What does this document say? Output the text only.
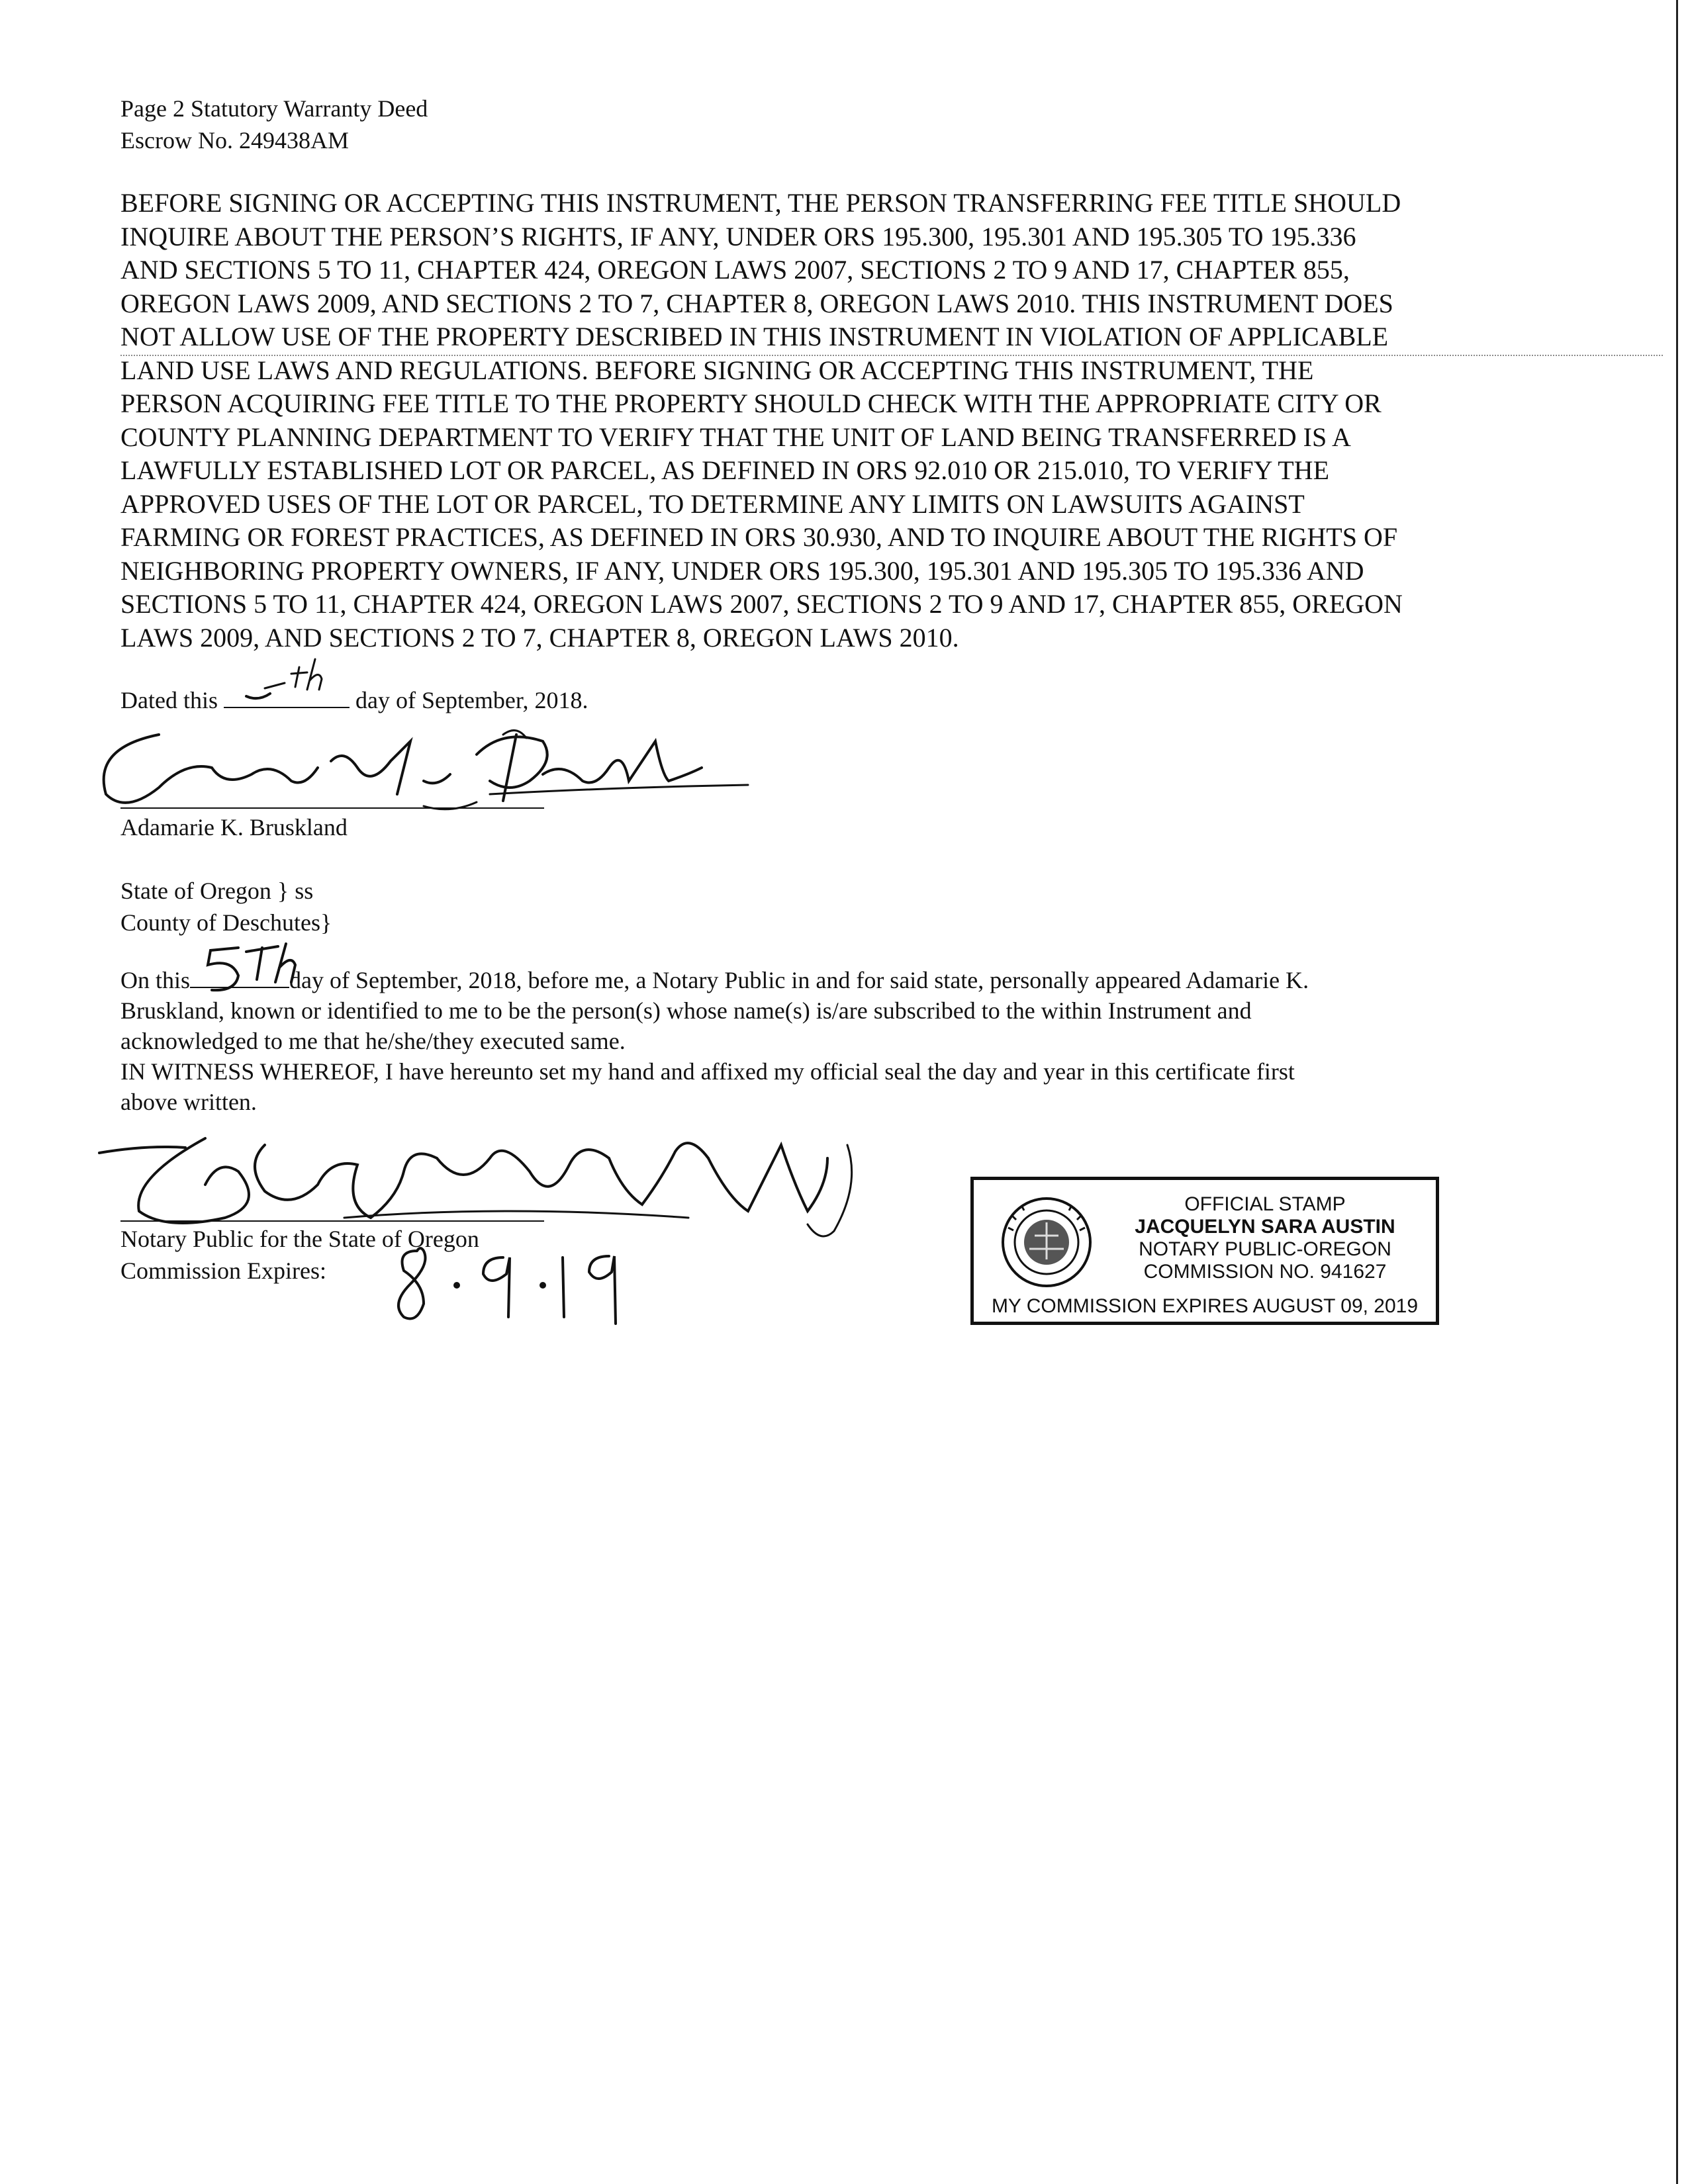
Page 2 Statutory Warranty Deed
Escrow No. 249438AM
BEFORE SIGNING OR ACCEPTING THIS INSTRUMENT, THE PERSON TRANSFERRING FEE TITLE SHOULD
INQUIRE ABOUT THE PERSON’S RIGHTS, IF ANY, UNDER ORS 195.300, 195.301 AND 195.305 TO 195.336
AND SECTIONS 5 TO 11, CHAPTER 424, OREGON LAWS 2007, SECTIONS 2 TO 9 AND 17, CHAPTER 855,
OREGON LAWS 2009, AND SECTIONS 2 TO 7, CHAPTER 8, OREGON LAWS 2010. THIS INSTRUMENT DOES
NOT ALLOW USE OF THE PROPERTY DESCRIBED IN THIS INSTRUMENT IN VIOLATION OF APPLICABLE
LAND USE LAWS AND REGULATIONS. BEFORE SIGNING OR ACCEPTING THIS INSTRUMENT, THE
PERSON ACQUIRING FEE TITLE TO THE PROPERTY SHOULD CHECK WITH THE APPROPRIATE CITY OR
COUNTY PLANNING DEPARTMENT TO VERIFY THAT THE UNIT OF LAND BEING TRANSFERRED IS A
LAWFULLY ESTABLISHED LOT OR PARCEL, AS DEFINED IN ORS 92.010 OR 215.010, TO VERIFY THE
APPROVED USES OF THE LOT OR PARCEL, TO DETERMINE ANY LIMITS ON LAWSUITS AGAINST
FARMING OR FOREST PRACTICES, AS DEFINED IN ORS 30.930, AND TO INQUIRE ABOUT THE RIGHTS OF
NEIGHBORING PROPERTY OWNERS, IF ANY, UNDER ORS 195.300, 195.301 AND 195.305 TO 195.336 AND
SECTIONS 5 TO 11, CHAPTER 424, OREGON LAWS 2007, SECTIONS 2 TO 9 AND 17, CHAPTER 855, OREGON
LAWS 2009, AND SECTIONS 2 TO 7, CHAPTER 8, OREGON LAWS 2010.
Dated this	day of September, 2018.
Adamarie K. Bruskland
State of Oregon } ss
County of Deschutes}
On this	day of September, 2018, before me, a Notary Public in and for said state, personally appeared Adamarie K.
Bruskland, known or identified to me to be the person(s) whose name(s) is/are subscribed to the within Instrument and
acknowledged to me that he/she/they executed same.
IN WITNESS WHEREOF, I have hereunto set my hand and affixed my official seal the day and year in this certificate first
above written.
Notary Public for the State of Oregon
Commission Expires:
OFFICIAL STAMP
JACQUELYN SARA AUSTIN
NOTARY PUBLIC-OREGON
COMMISSION NO. 941627
MY COMMISSION EXPIRES AUGUST 09, 2019
